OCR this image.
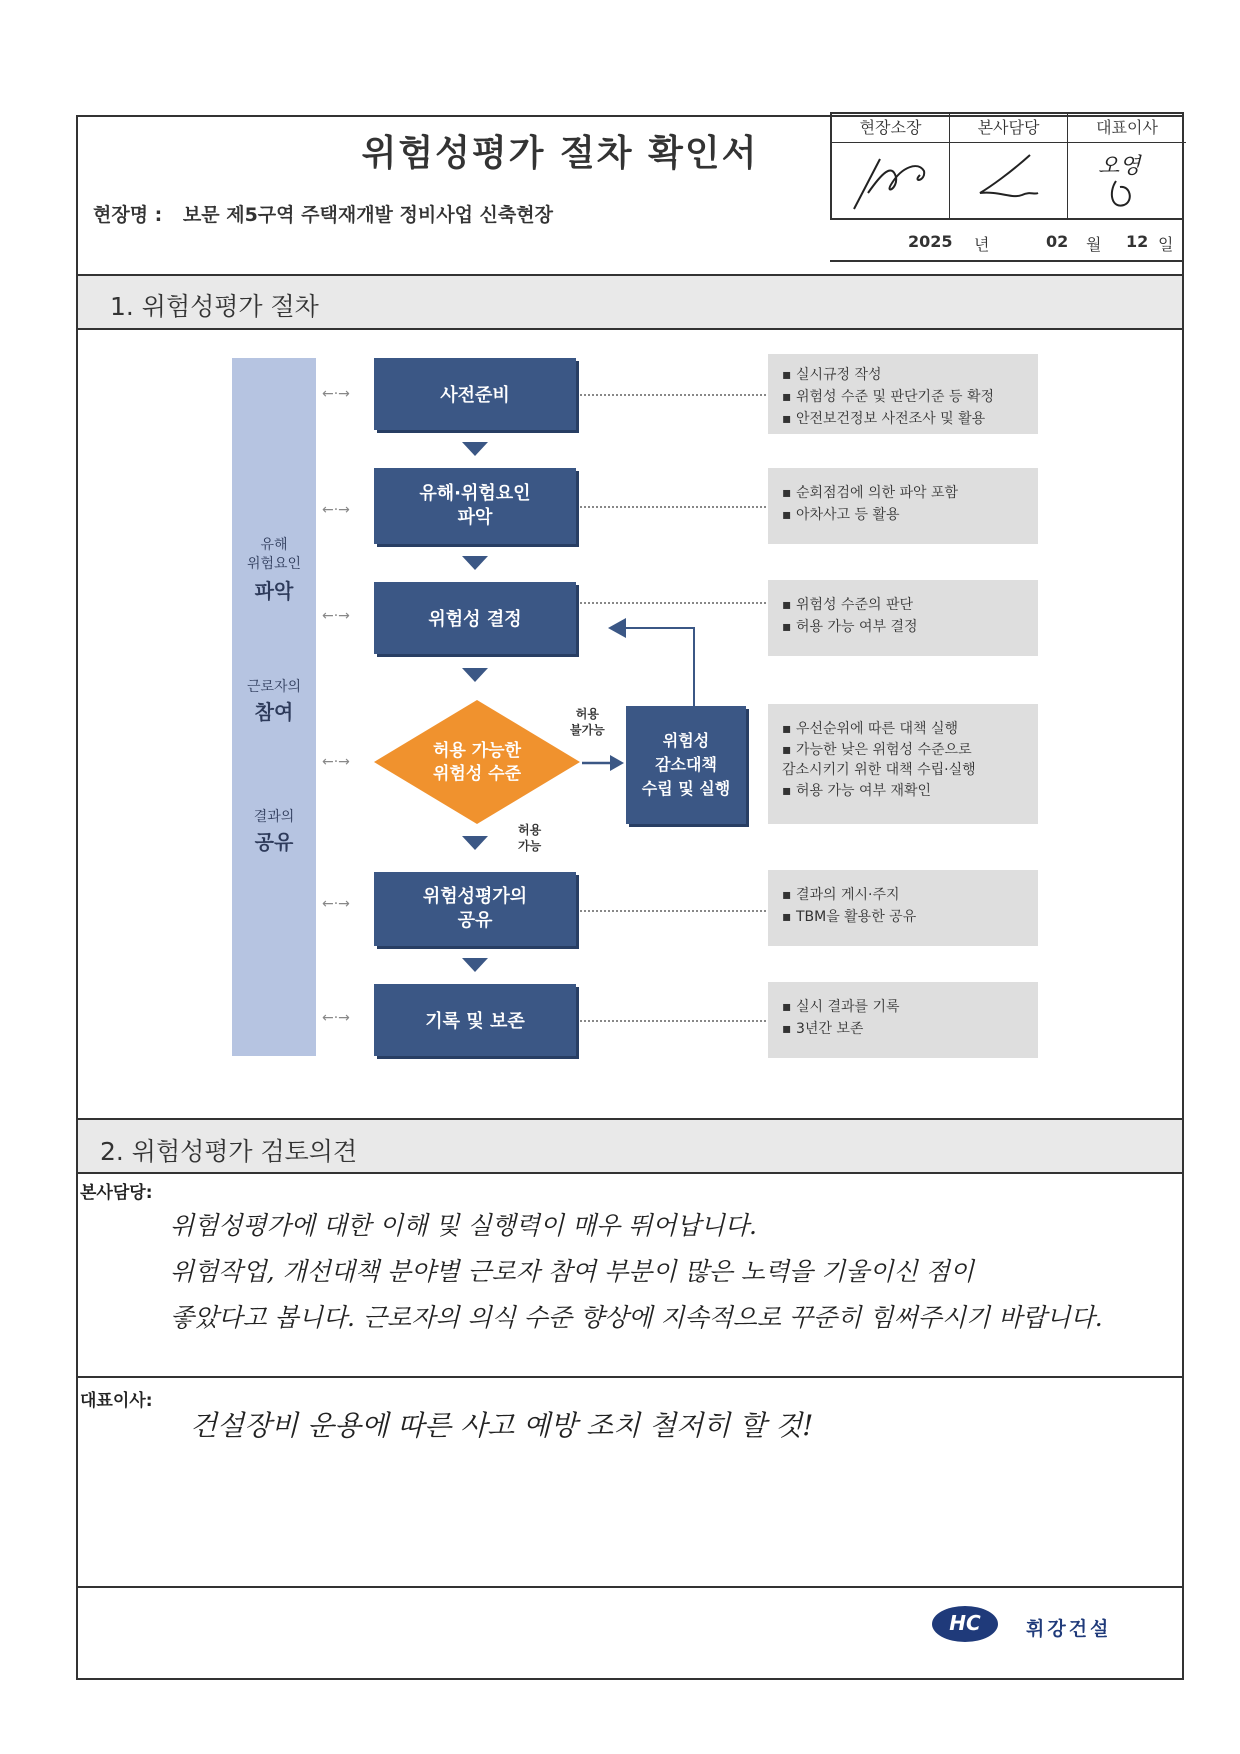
위험성평가 절차 확인서
현장명 : 보문 제5구역 주택재개발 정비사업 신축현장
현장소장	본사담당	대표이사
오영
2025 년	02 월 12 일
1. 위험성평가 절차
유해
위험요인
파악
근로자의
참여
결과의
공유
←·→
←·→
←·→
←·→
←·→
←·→
사전준비
유해·위험요인
파악
위험성 결정
허용 가능한
위험성 수준
허용
불가능
위험성
감소대책
수립 및 실행
허용
가능
위험성평가의
공유
기록 및 보존
▪ 실시규정 작성
▪ 위험성 수준 및 판단기준 등 확정
▪ 안전보건정보 사전조사 및 활용
▪ 순회점검에 의한 파악 포함
▪ 아차사고 등 활용
▪ 위험성 수준의 판단
▪ 허용 가능 여부 결정
▪ 우선순위에 따른 대책 실행
▪ 가능한 낮은 위험성 수준으로
감소시키기 위한 대책 수립·실행
▪ 허용 가능 여부 재확인
▪ 결과의 게시·주지
▪ TBM을 활용한 공유
▪ 실시 결과를 기록
▪ 3년간 보존
2. 위험성평가 검토의견
본사담당:
위험성평가에 대한 이해 및 실행력이 매우 뛰어납니다.
위험작업, 개선대책 분야별 근로자 참여 부분이 많은 노력을 기울이신 점이
좋았다고 봅니다. 근로자의 의식 수준 향상에 지속적으로 꾸준히 힘써주시기 바랍니다.
대표이사:
건설장비 운용에 따른 사고 예방 조치 철저히 할 것!
HC	휘강건설
